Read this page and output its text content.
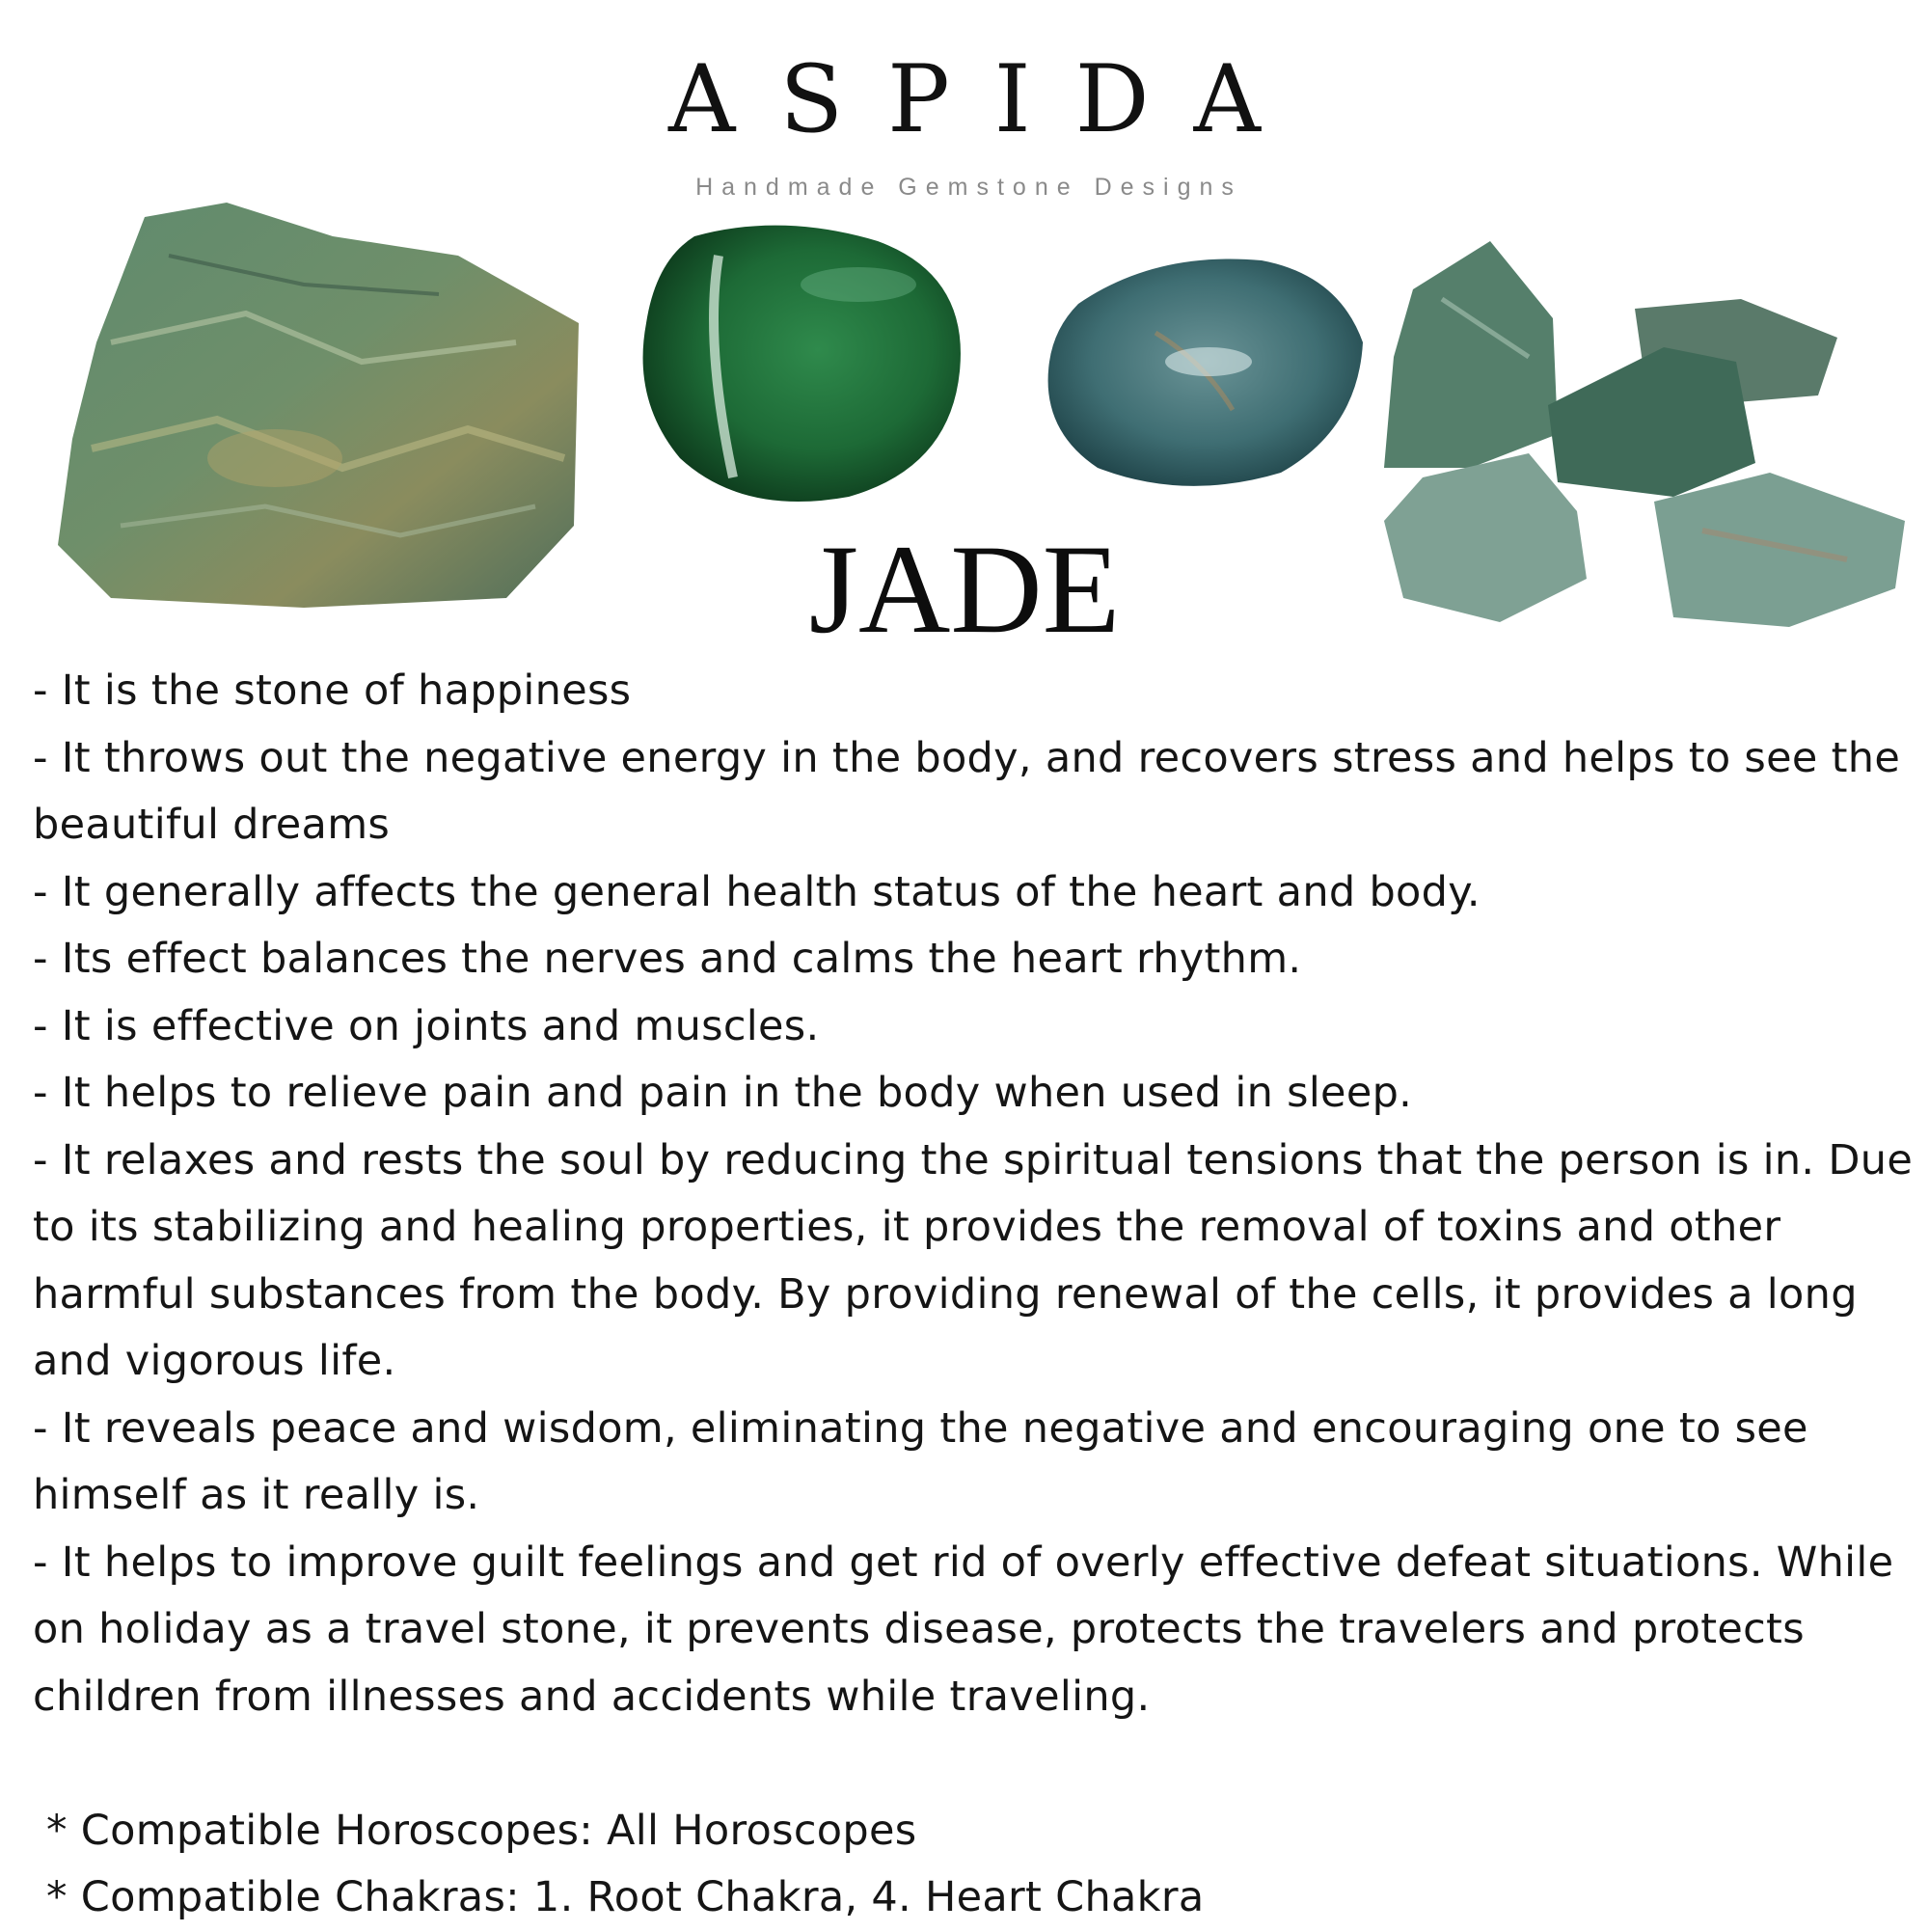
ASPIDA
Handmade Gemstone Designs
JADE

- It is the stone of happiness

- It throws out the negative energy in the body, and recovers stress and helps to see the beautiful dreams

- It generally affects the general health status of the heart and body.

- Its effect balances the nerves and calms the heart rhythm.

- It is effective on joints and muscles.

- It helps to relieve pain and pain in the body when used in sleep.

- It relaxes and rests the soul by reducing the spiritual tensions that the person is in. Due to its stabilizing and healing properties, it provides the removal of toxins and other harmful substances from the body. By providing renewal of the cells, it provides a long and vigorous life.

- It reveals peace and wisdom, eliminating the negative and encouraging one to see himself as it really is.

- It helps to improve guilt feelings and get rid of overly effective defeat situations. While on holiday as a travel stone, it prevents disease, protects the travelers and protects children from illnesses and accidents while traveling.

* Compatible Horoscopes: All Horoscopes

* Compatible Chakras: 1. Root Chakra, 4. Heart Chakra
